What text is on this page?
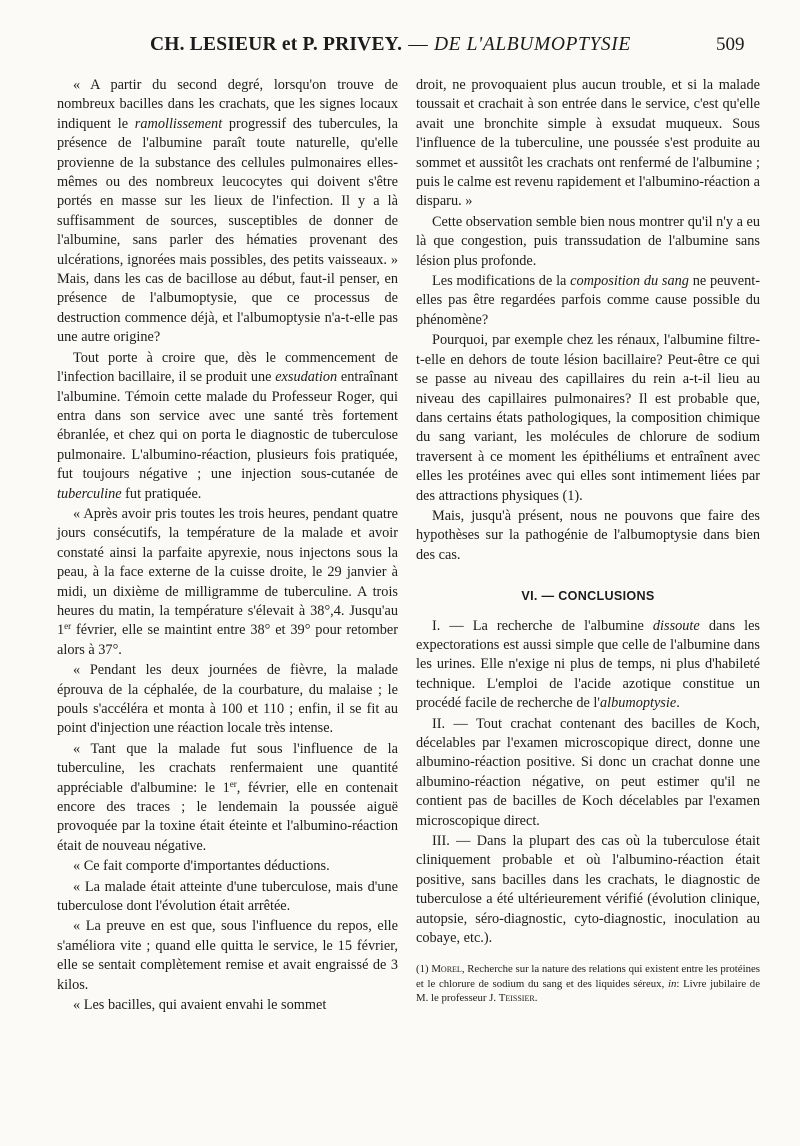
CH. LESIEUR et P. PRIVEY. — DE L'ALBUMOPTYSIE	509

« A partir du second degré, lorsqu'on trouve de nombreux bacilles dans les crachats, que les signes locaux indiquent le ramollissement progressif des tubercules, la présence de l'albumine paraît toute naturelle, qu'elle provienne de la substance des cellules pulmonaires elles-mêmes ou des nombreux leucocytes qui doivent s'être portés en masse sur les lieux de l'infection. Il y a là suffisamment de sources, susceptibles de donner de l'albumine, sans parler des hématies provenant des ulcérations, ignorées mais possibles, des petits vaisseaux. » Mais, dans les cas de bacillose au début, faut-il penser, en présence de l'albumoptysie, que ce processus de destruction commence déjà, et l'albumoptysie n'a-t-elle pas une autre origine?

Tout porte à croire que, dès le commencement de l'infection bacillaire, il se produit une exsudation entraînant l'albumine. Témoin cette malade du Professeur Roger, qui entra dans son service avec une santé très fortement ébranlée, et chez qui on porta le diagnostic de tuberculose pulmonaire. L'albumino-réaction, plusieurs fois pratiquée, fut toujours négative ; une injection sous-cutanée de tuberculine fut pratiquée.

« Après avoir pris toutes les trois heures, pendant quatre jours consécutifs, la température de la malade et avoir constaté ainsi la parfaite apyrexie, nous injectons sous la peau, à la face externe de la cuisse droite, le 29 janvier à midi, un dixième de milligramme de tuberculine. A trois heures du matin, la température s'élevait à 38°,4. Jusqu'au 1er février, elle se maintint entre 38° et 39° pour retomber alors à 37°.

« Pendant les deux journées de fièvre, la malade éprouva de la céphalée, de la courbature, du malaise ; le pouls s'accéléra et monta à 100 et 110 ; enfin, il se fit au point d'injection une réaction locale très intense.

« Tant que la malade fut sous l'influence de la tuberculine, les crachats renfermaient une quantité appréciable d'albumine: le 1er, février, elle en contenait encore des traces ; le lendemain la poussée aiguë provoquée par la toxine était éteinte et l'albumino-réaction était de nouveau négative.

« Ce fait comporte d'importantes déductions.

« La malade était atteinte d'une tuberculose, mais d'une tuberculose dont l'évolution était arrêtée.

« La preuve en est que, sous l'influence du repos, elle s'améliora vite ; quand elle quitta le service, le 15 février, elle se sentait complètement remise et avait engraissé de 3 kilos.

« Les bacilles, qui avaient envahi le sommet

droit, ne provoquaient plus aucun trouble, et si la malade toussait et crachait à son entrée dans le service, c'est qu'elle avait une bronchite simple à exsudat muqueux. Sous l'influence de la tuberculine, une poussée s'est produite au sommet et aussitôt les crachats ont renfermé de l'albumine ; puis le calme est revenu rapidement et l'albumino-réaction a disparu. »

Cette observation semble bien nous montrer qu'il n'y a eu là que congestion, puis transsudation de l'albumine sans lésion plus profonde.

Les modifications de la composition du sang ne peuvent-elles pas être regardées parfois comme cause possible du phénomène?

Pourquoi, par exemple chez les rénaux, l'albumine filtre-t-elle en dehors de toute lésion bacillaire? Peut-être ce qui se passe au niveau des capillaires du rein a-t-il lieu au niveau des capillaires pulmonaires? Il est probable que, dans certains états pathologiques, la composition chimique du sang variant, les molécules de chlorure de sodium traversent à ce moment les épithéliums et entraînent avec elles les protéines avec qui elles sont intimement liées par des attractions physiques (1).

Mais, jusqu'à présent, nous ne pouvons que faire des hypothèses sur la pathogénie de l'albumoptysie dans bien des cas.

VI. — CONCLUSIONS

I. — La recherche de l'albumine dissoute dans les expectorations est aussi simple que celle de l'albumine dans les urines. Elle n'exige ni plus de temps, ni plus d'habileté technique. L'emploi de l'acide azotique constitue un procédé facile de recherche de l'albumoptysie.

II. — Tout crachat contenant des bacilles de Koch, décelables par l'examen microscopique direct, donne une albumino-réaction positive. Si donc un crachat donne une albumino-réaction négative, on peut estimer qu'il ne contient pas de bacilles de Koch décelables par l'examen microscopique direct.

III. — Dans la plupart des cas où la tuberculose était cliniquement probable et où l'albumino-réaction était positive, sans bacilles dans les crachats, le diagnostic de tuberculose a été ultérieurement vérifié (évolution clinique, autopsie, séro-diagnostic, cyto-diagnostic, inoculation au cobaye, etc.).

(1) Morel, Recherche sur la nature des relations qui existent entre les protéines et le chlorure de sodium du sang et des liquides séreux, in: Livre jubilaire de M. le professeur J. Teissier.
